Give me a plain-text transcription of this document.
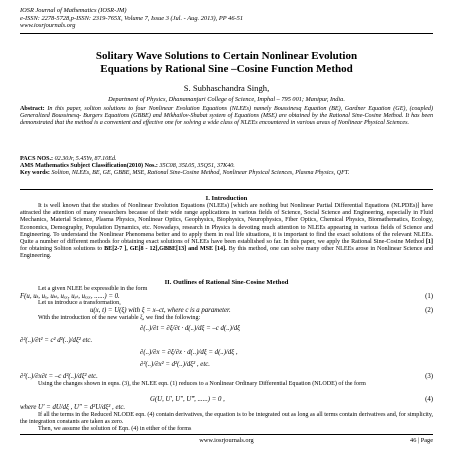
IOSR Journal of Mathematics (IOSR-JM)
e-ISSN: 2278-5728,p-ISSN: 2319-765X, Volume 7, Issue 3 (Jul. - Aug. 2013), PP 46-51
www.iosrjournals.org
Solitary Wave Solutions to Certain Nonlinear Evolution
Equations by Rational Sine –Cosine Function Method
S. Subhaschandra Singh,
Department of Physics, Dhanamanjuri College of Science, Imphal – 795 001; Manipur, India.
Abstract: In this paper, soliton solutions to four Nonlinear Evolution Equations (NLEEs) namely Boussinesq Equation (BE), Gardner Equation (GE), (coupled) Generalized Boussinesq- Burgers Equations (GBBE) and Mikhailov-Shabat system of Equations (MSE) are obtained by the Rational Sine-Cosine Method. It has been demonstrated that the method is a convenient and effective one for solving a wide class of NLEEs encountered in various areas of Nonlinear Physical Sciences.
PACS NOS.: 02.30Jr, 5.45Yv, 87.10Ed.
AMS Mathematics Subject Classification(2010) Nos.: 35C08, 35L05, 35Q51, 37K40.
Key words: Soliton, NLEEs, BE, GE, GBBE, MSE, Rational Sine-Cosine Method, Nonlinear Physical Sciences, Plasma Physics, QFT.
I. Introduction
It is well known that the studies of Nonlinear Evolution Equations (NLEEs) [which are nothing but Nonlinear Partial Differential Equations (NLPDEs)] have attracted the attention of many researchers because of their wide range applications in various fields of Science, Social Science and Engineering, especially in Fluid Mechanics, Material Science, Plasma Physics, Nonlinear Optics, Geophysics, Biophysics, Neurophysics, Fiber Optics, Chemical Physics, Biomathematics, Ecology, Economics, Demography, Population Dynamics, etc. Nowadays, research in Physics is devoting much attention to NLEEs appearing in various fields of Science and Engineering. To understand the Nonlinear Phenomena better and to apply them in real life situations, it is important to find the exact solutions of the relevant NLEEs. Quite a number of different methods for obtaining exact solutions of NLEEs have been established so far. In this paper, we apply the Rational Sine-Cosine Method [1] for obtaining Soliton solutions to BE[2-7 ], GE[8 - 12],GBBE[13] and MSE [14]. By this method, one can solve many other NLEEs arose in Nonlinear Science and Engineering.
II. Outlines of Rational Sine-Cosine Method
Let a given NLEE be expressible in the form
F(u, uₜ, uₓ, uₜₜ, uₓₓ, uₓₜ, uₓₓₓ, ......) = 0.	(1)
Let us introduce a transformation,
u(x, t) = U(ξ) with ξ = x–ct, where c is a parameter.	(2)
With the introduction of the new variable ξ, we find the following:
∂(..)/∂t = ∂ξ/∂t · d(..)/dξ = –c d(..)/dξ
∂²(..)/∂t² = c² d²(..)/dξ² etc.
∂(..)/∂x = ∂ξ/∂x · d(..)/dξ = d(..)/dξ ,
∂²(..)/∂x² = d²(..)/dξ² , etc.
∂²(..)/∂x∂t = –c d²(..)/dξ² etc.	(3)
Using the changes shown in eqns. (3), the NLEE eqn. (1) reduces to a Nonlinear Ordinary Differential Equation (NLODE) of the form
G(U, U′, U″, U‴, ......) = 0 ,	(4)
where U′ = dU/dξ , U″ = d²U/dξ² , etc.
If all the terms in the Reduced NLODE eqn. (4) contain derivatives, the equation is to be integrated out as long as all terms contain derivatives and, for simplicity, the integration constants are taken as zero.
Then, we assume the solution of Eqn. (4) in either of the forms
www.iosrjournals.org	46 | Page
